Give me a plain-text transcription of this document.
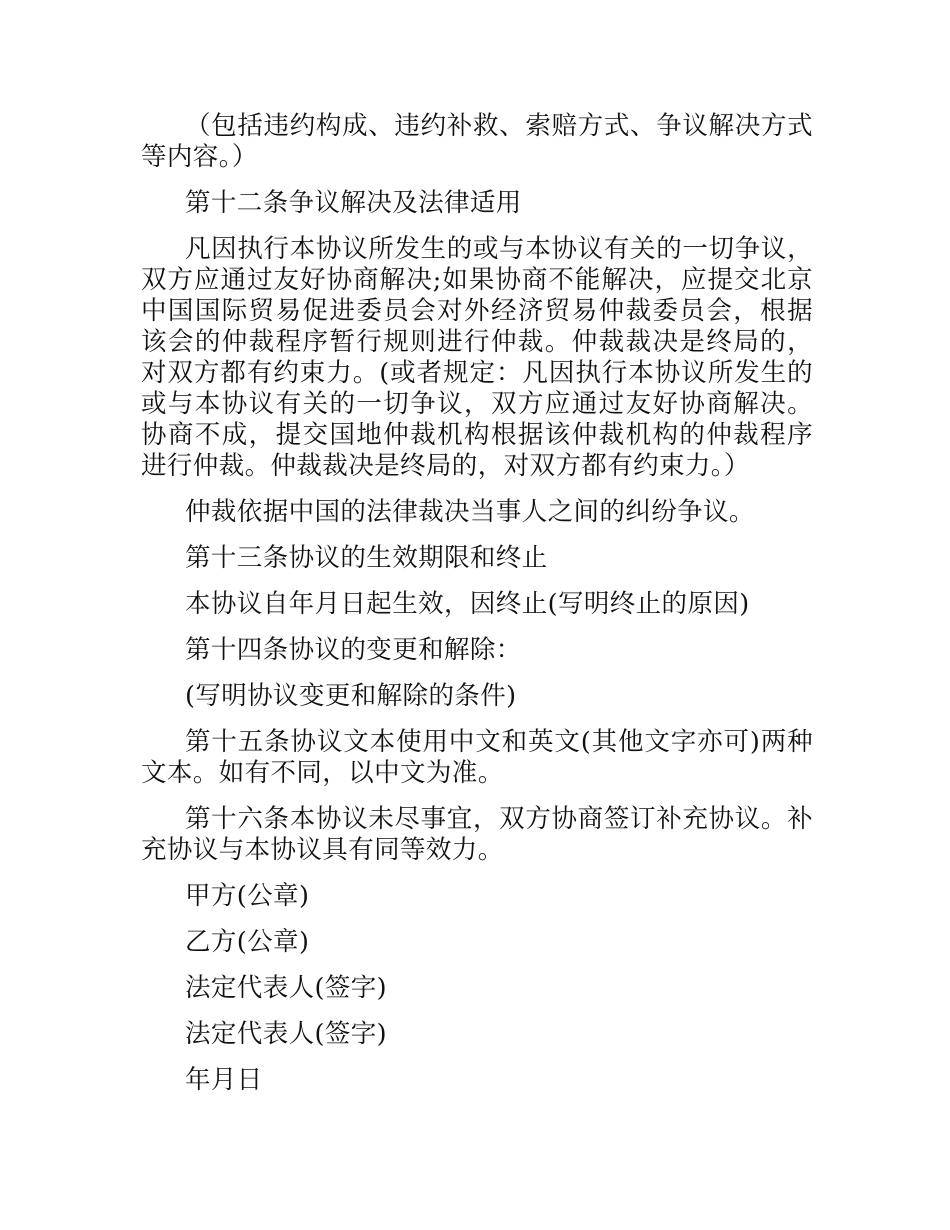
（包括违约构成、违约补救、索赔方式、争议解决方式等内容。）

第十二条争议解决及法律适用

凡因执行本协议所发生的或与本协议有关的一切争议，双方应通过友好协商解决;如果协商不能解决，应提交北京中国国际贸易促进委员会对外经济贸易仲裁委员会，根据该会的仲裁程序暂行规则进行仲裁。仲裁裁决是终局的，对双方都有约束力。(或者规定：凡因执行本协议所发生的或与本协议有关的一切争议，双方应通过友好协商解决。协商不成，提交国地仲裁机构根据该仲裁机构的仲裁程序进行仲裁。仲裁裁决是终局的，对双方都有约束力。）

仲裁依据中国的法律裁决当事人之间的纠纷争议。

第十三条协议的生效期限和终止

本协议自年月日起生效，因终止(写明终止的原因)

第十四条协议的变更和解除：

(写明协议变更和解除的条件)

第十五条协议文本使用中文和英文(其他文字亦可)两种文本。如有不同，以中文为准。

第十六条本协议未尽事宜，双方协商签订补充协议。补充协议与本协议具有同等效力。

甲方(公章)

乙方(公章)

法定代表人(签字)

法定代表人(签字)

年月日
